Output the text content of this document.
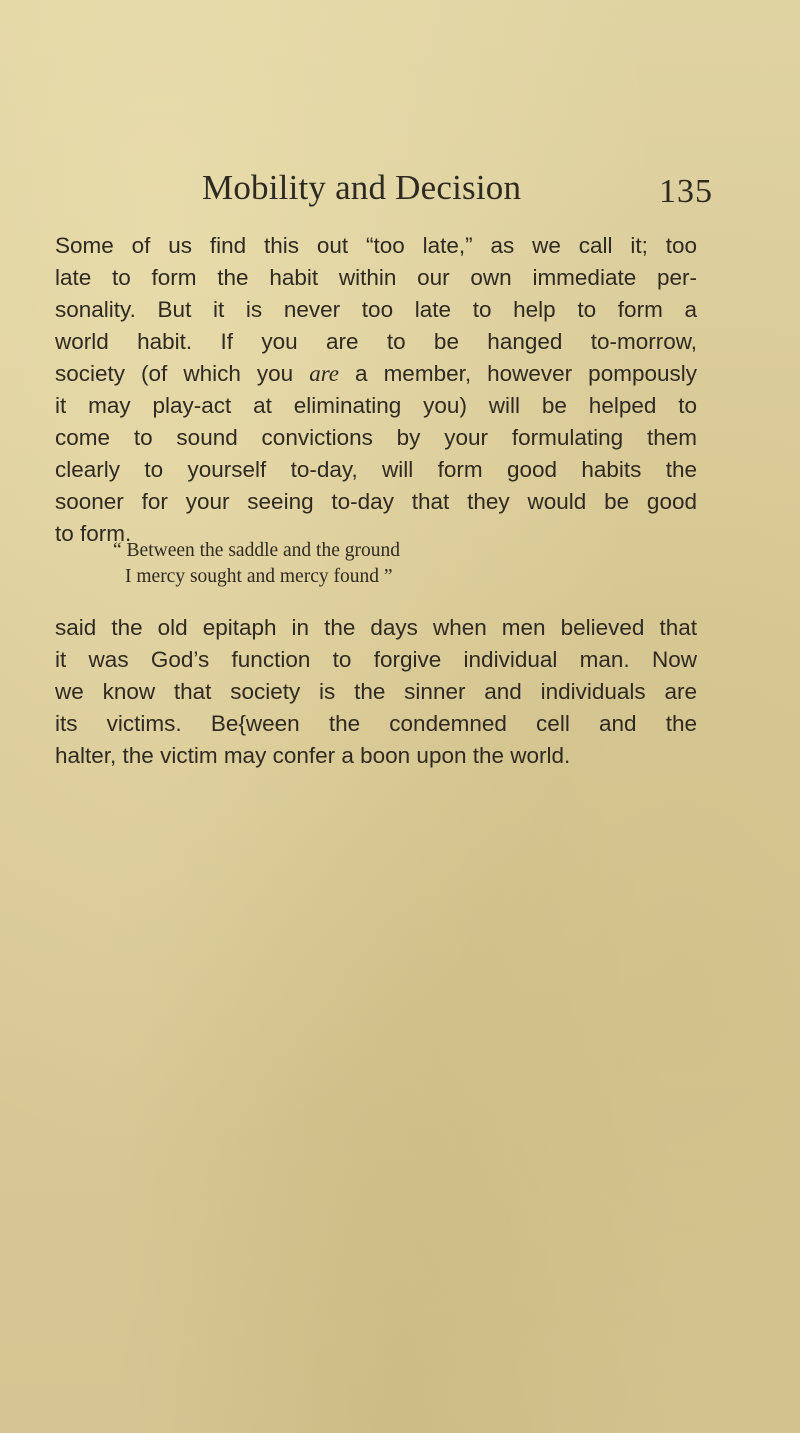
Mobility and Decision	135
Some of us find this out “too late,” as we call it; too
late to form the habit within our own immediate per-
sonality. But it is never too late to help to form a
world habit. If you are to be hanged to-morrow,
society (of which you are a member, however pompously
it may play-act at eliminating you) will be helped to
come to sound convictions by your formulating them
clearly to yourself to-day, will form good habits the
sooner for your seeing to-day that they would be good
to form.
“ Between the saddle and the ground
I mercy sought and mercy found ”
said the old epitaph in the days when men believed that
it was God’s function to forgive individual man. Now
we know that society is the sinner and individuals are
its victims. Be{ween the condemned cell and the
halter, the victim may confer a boon upon the world.
